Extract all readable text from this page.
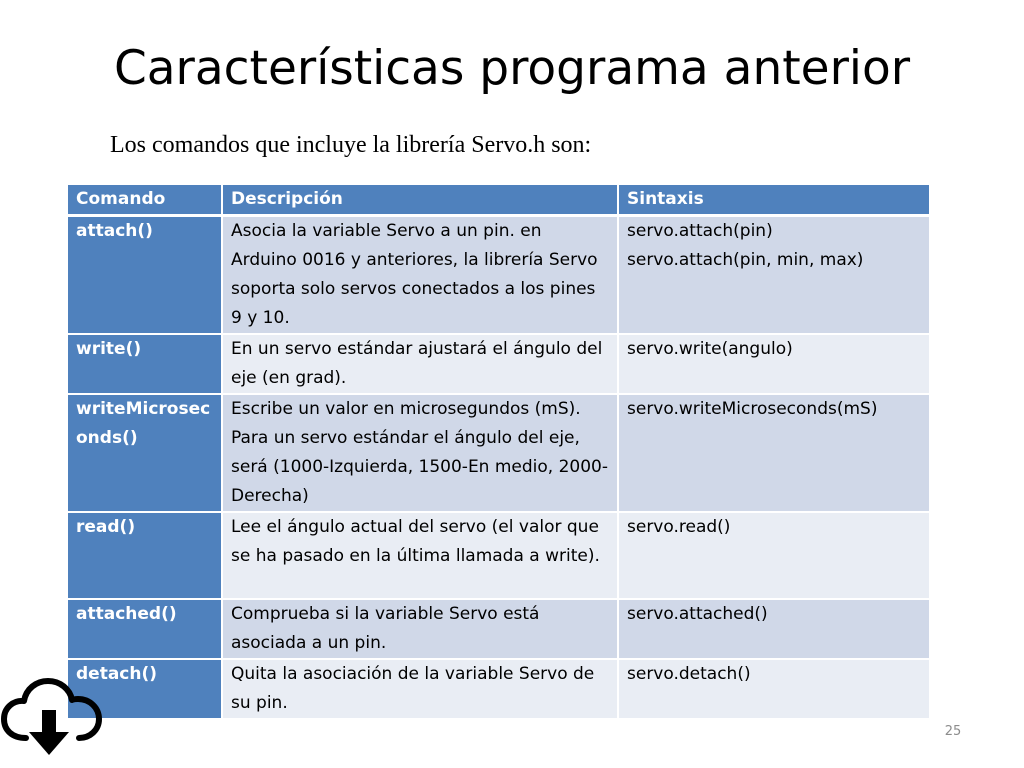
Características programa anterior
Los comandos que incluye la librería Servo.h son:
Comando	Descripción	Sintaxis
attach()	Asocia la variable Servo a un pin. en Arduino 0016 y anteriores, la librería Servo soporta solo servos conectados a los pines 9 y 10.	servo.attach(pin)
servo.attach(pin, min, max)

write()	En un servo estándar ajustará el ángulo del eje (en grad).	servo.write(angulo)

writeMicroseconds()	Escribe un valor en microsegundos (mS). Para un servo estándar el ángulo del eje, será (1000-Izquierda, 1500-En medio, 2000-Derecha)	servo.writeMicroseconds(mS)

read()	Lee el ángulo actual del servo (el valor que se ha pasado en la última llamada a write).	servo.read()

attached()	Comprueba si la variable Servo está asociada a un pin.	servo.attached()

detach()	Quita la asociación de la variable Servo de su pin.	servo.detach()
25
